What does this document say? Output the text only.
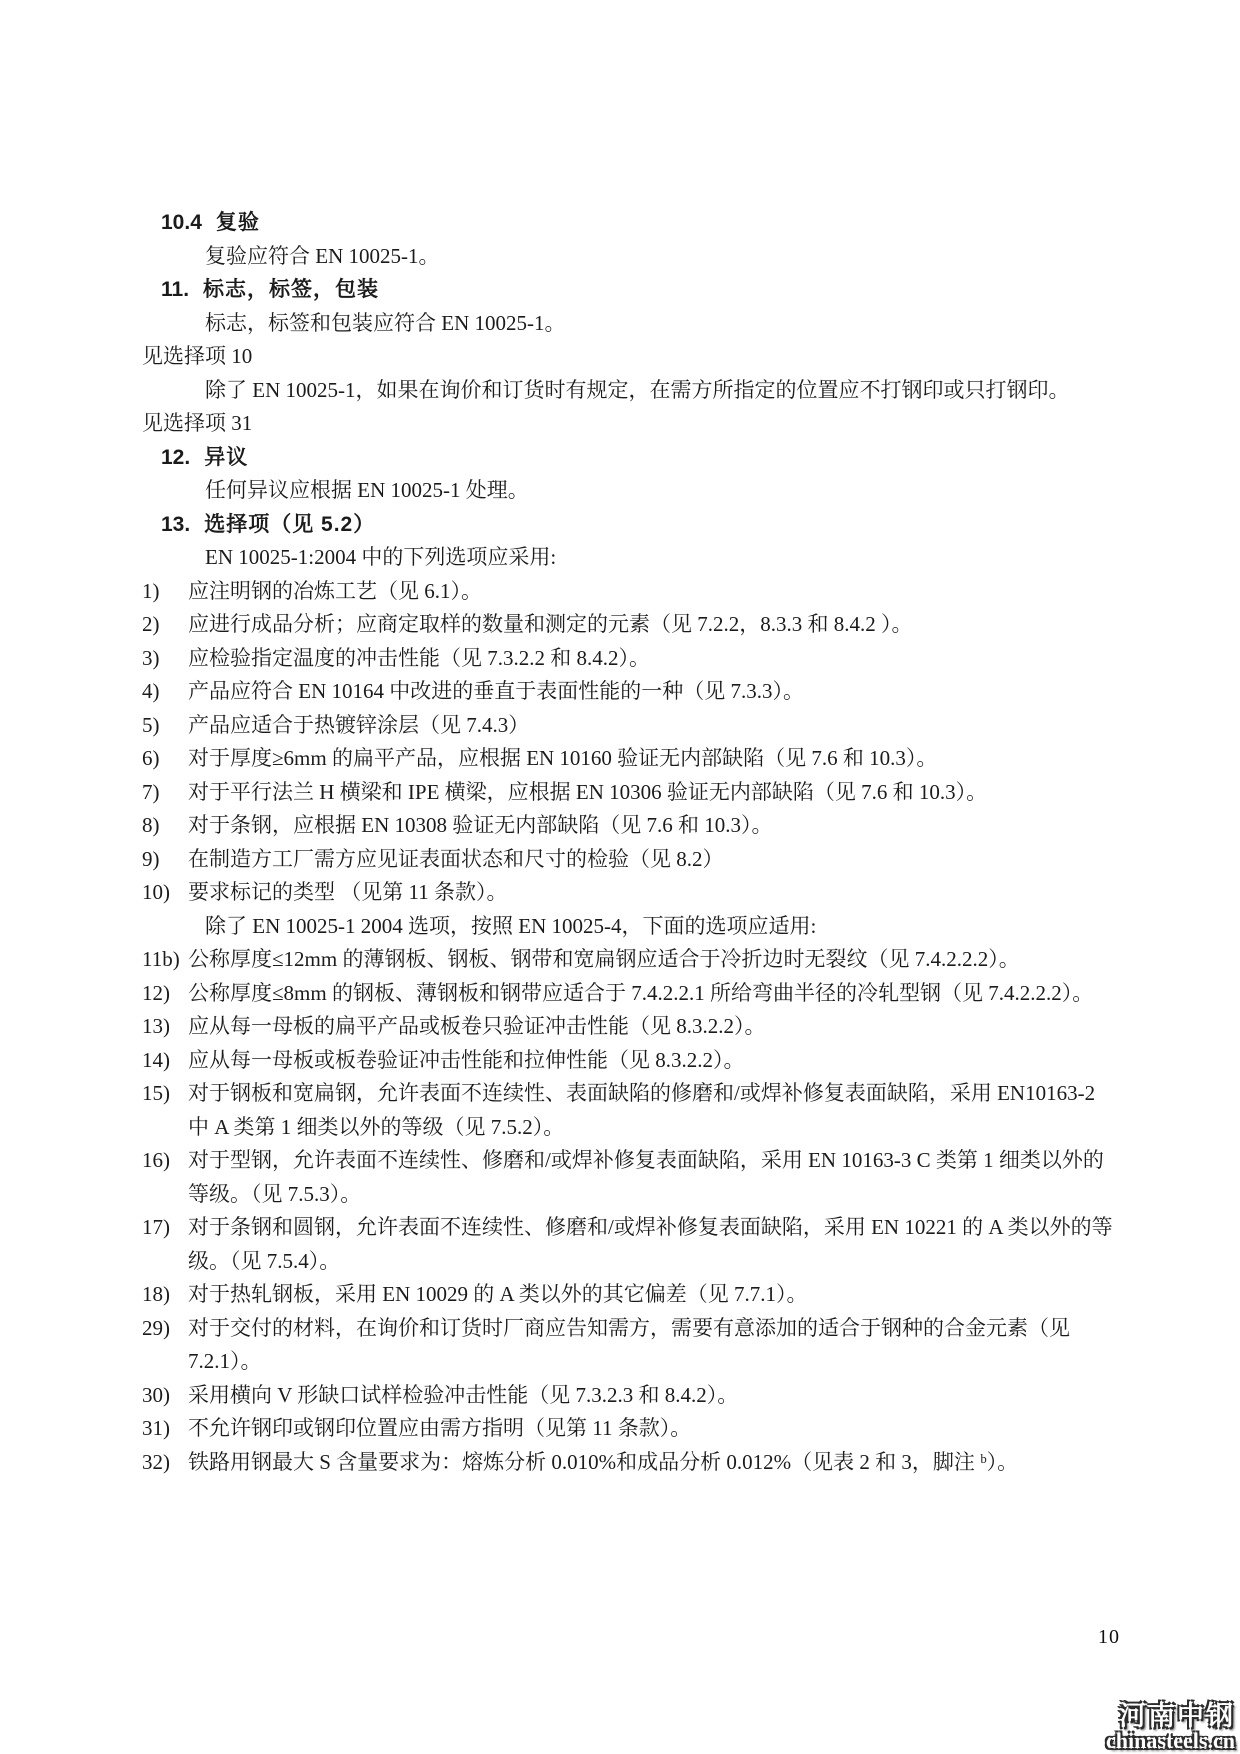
10.4 复验
复验应符合 EN 10025-1。
11. 标志，标签，包装
标志，标签和包装应符合 EN 10025-1。
见选择项 10
除了 EN 10025-1，如果在询价和订货时有规定，在需方所指定的位置应不打钢印或只打钢印。
见选择项 31
12. 异议
任何异议应根据 EN 10025-1 处理。
13. 选择项（见 5.2）
EN 10025-1:2004 中的下列选项应采用:
1)	应注明钢的冶炼工艺（见 6.1）。
2)	应进行成品分析；应商定取样的数量和测定的元素（见 7.2.2，8.3.3 和 8.4.2 ）。
3)	应检验指定温度的冲击性能（见 7.3.2.2 和 8.4.2）。
4)	产品应符合 EN 10164 中改进的垂直于表面性能的一种（见 7.3.3）。
5)	产品应适合于热镀锌涂层（见 7.4.3）
6)	对于厚度≥6mm 的扁平产品，应根据 EN 10160 验证无内部缺陷（见 7.6 和 10.3）。
7)	对于平行法兰 H 横梁和 IPE 横梁，应根据 EN 10306 验证无内部缺陷（见 7.6 和 10.3）。
8)	对于条钢，应根据 EN 10308 验证无内部缺陷（见 7.6 和 10.3）。
9)	在制造方工厂需方应见证表面状态和尺寸的检验（见 8.2）
10) 要求标记的类型 （见第 11 条款）。
除了 EN 10025-1 2004 选项，按照 EN 10025-4，下面的选项应适用:
11b) 公称厚度≤12mm 的薄钢板、钢板、钢带和宽扁钢应适合于冷折边时无裂纹（见 7.4.2.2.2）。
12) 公称厚度≤8mm 的钢板、薄钢板和钢带应适合于 7.4.2.2.1 所给弯曲半径的冷轧型钢（见 7.4.2.2.2）。
13) 应从每一母板的扁平产品或板卷只验证冲击性能（见 8.3.2.2）。
14) 应从每一母板或板卷验证冲击性能和拉伸性能（见 8.3.2.2）。
15) 对于钢板和宽扁钢，允许表面不连续性、表面缺陷的修磨和/或焊补修复表面缺陷，采用 EN10163-2 中 A 类第 1 细类以外的等级（见 7.5.2）。
16) 对于型钢，允许表面不连续性、修磨和/或焊补修复表面缺陷，采用 EN 10163-3 C 类第 1 细类以外的等级。（见 7.5.3）。
17) 对于条钢和圆钢，允许表面不连续性、修磨和/或焊补修复表面缺陷，采用 EN 10221 的 A 类以外的等级。（见 7.5.4）。
18) 对于热轧钢板，采用 EN 10029 的 A 类以外的其它偏差（见 7.7.1）。
29) 对于交付的材料，在询价和订货时厂商应告知需方，需要有意添加的适合于钢种的合金元素（见 7.2.1）。
30) 采用横向 V 形缺口试样检验冲击性能（见 7.3.2.3 和 8.4.2）。
31) 不允许钢印或钢印位置应由需方指明（见第 11 条款）。
32) 铁路用钢最大 S 含量要求为：熔炼分析 0.010%和成品分析 0.012%（见表 2 和 3，脚注 ᵇ）。
10
河南中钢
chinasteels.cn
